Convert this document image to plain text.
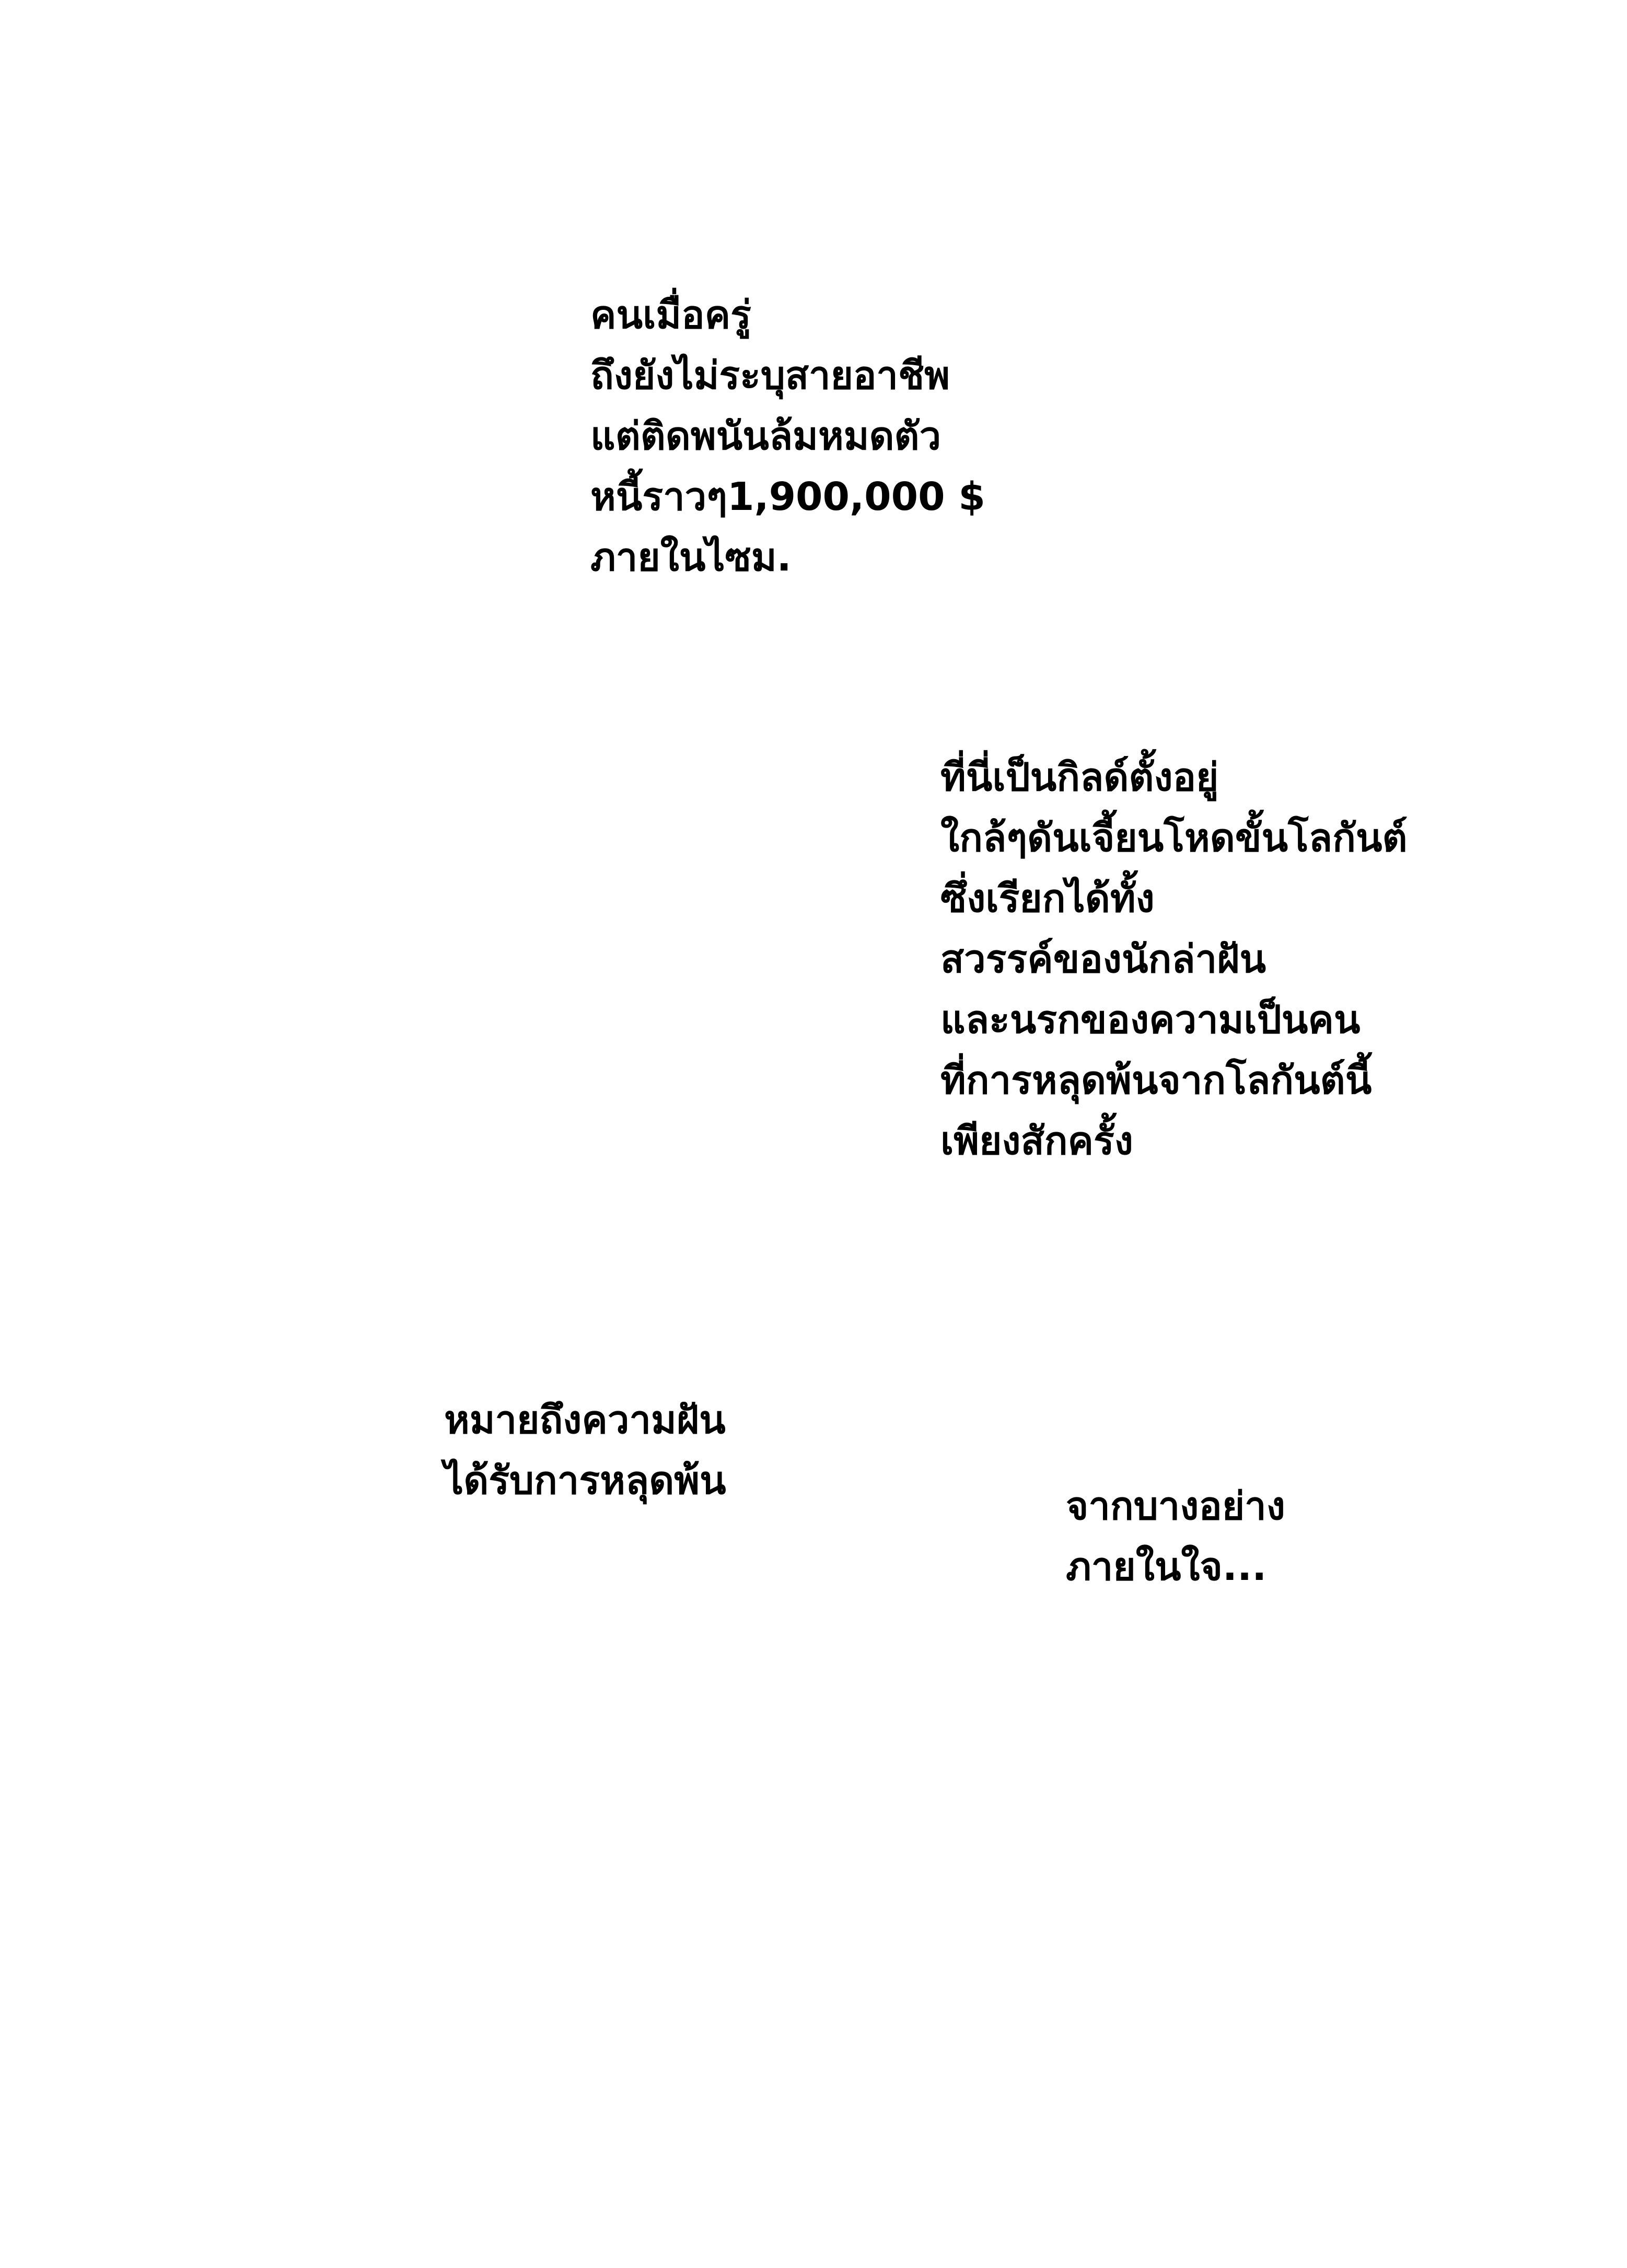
คนเมื่อครู่
ถึงยังไม่ระบุสายอาชีพ
แต่ติดพนันล้มหมดตัว
หนี้ราวๆ1,900,000 $
ภายในไซม.
ที่นี่เป็นกิลด์ตั้งอยู่
ใกล้ๆดันเจี้ยนโหดขั้นโลกันต์
ซึ่งเรียกได้ทั้ง
สวรรค์ของนักล่าฝัน
และนรกของความเป็นคน
ที่การหลุดพ้นจากโลกันต์นี้
เพียงสักครั้ง
หมายถึงความฝัน
ได้รับการหลุดพ้น
จากบางอย่าง
ภายในใจ...
